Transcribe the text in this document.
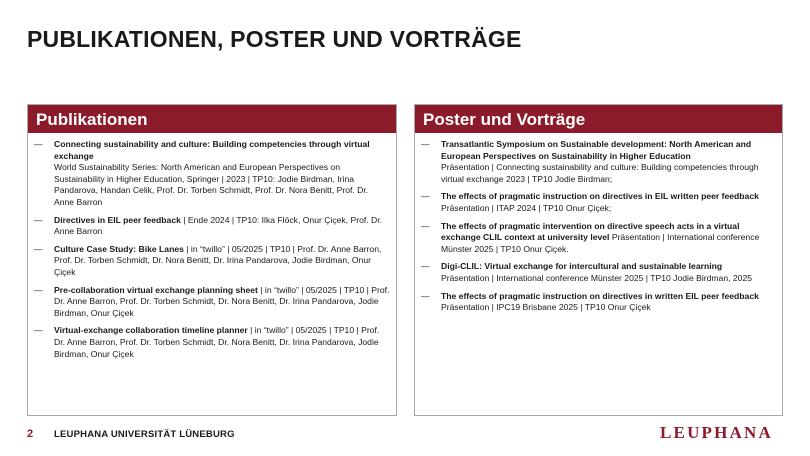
PUBLIKATIONEN, POSTER UND VORTRÄGE
Publikationen
— Connecting sustainability and culture: Building competencies through virtual exchange
World Sustainability Series: North American and European Perspectives on Sustainability in Higher Education, Springer | 2023 | TP10: Jodie Birdman, Irina Pandarova, Handan Celik, Prof. Dr. Torben Schmidt, Prof. Dr. Nora Benitt, Prof. Dr. Anne Barron
— Directives in EIL peer feedback | Ende 2024 | TP10: Ilka Flöck, Onur Çiçek, Prof. Dr. Anne Barron
— Culture Case Study: Bike Lanes | in “twillo” | 05/2025 | TP10 | Prof. Dr. Anne Barron, Prof. Dr. Torben Schmidt, Dr. Nora Benitt, Dr. Irina Pandarova, Jodie Birdman, Onur Çiçek
— Pre-collaboration virtual exchange planning sheet | in “twillo” | 05/2025 | TP10 | Prof. Dr. Anne Barron, Prof. Dr. Torben Schmidt, Dr. Nora Benitt, Dr. Irina Pandarova, Jodie Birdman, Onur Çiçek
— Virtual-exchange collaboration timeline planner | in “twillo” | 05/2025 | TP10 | Prof. Dr. Anne Barron, Prof. Dr. Torben Schmidt, Dr. Nora Benitt, Dr. Irina Pandarova, Jodie Birdman, Onur Çiçek
Poster und Vorträge
— Transatlantic Symposium on Sustainable development: North American and European Perspectives on Sustainability in Higher Education
Präsentation | Connecting sustainability and culture: Building competencies through virtual exchange 2023 | TP10 Jodie Birdman;
— The effects of pragmatic instruction on directives in EIL written peer feedback
Präsentation | ITAP 2024 | TP10 Onur Çiçek;
— The effects of pragmatic intervention on directive speech acts in a virtual exchange CLIL context at university level Präsentation | International conference Münster 2025 | TP10 Onur Çiçek.
— Digi-CLIL: Virtual exchange for intercultural and sustainable learning
Präsentation | International conference Münster 2025 | TP10 Jodie Birdman, 2025
— The effects of pragmatic instruction on directives in written EIL peer feedback
Präsentation | IPC19 Brisbane 2025 | TP10 Onur Çiçek
2 LEUPHANA UNIVERSITÄT LÜNEBURG	LEUPHANA
